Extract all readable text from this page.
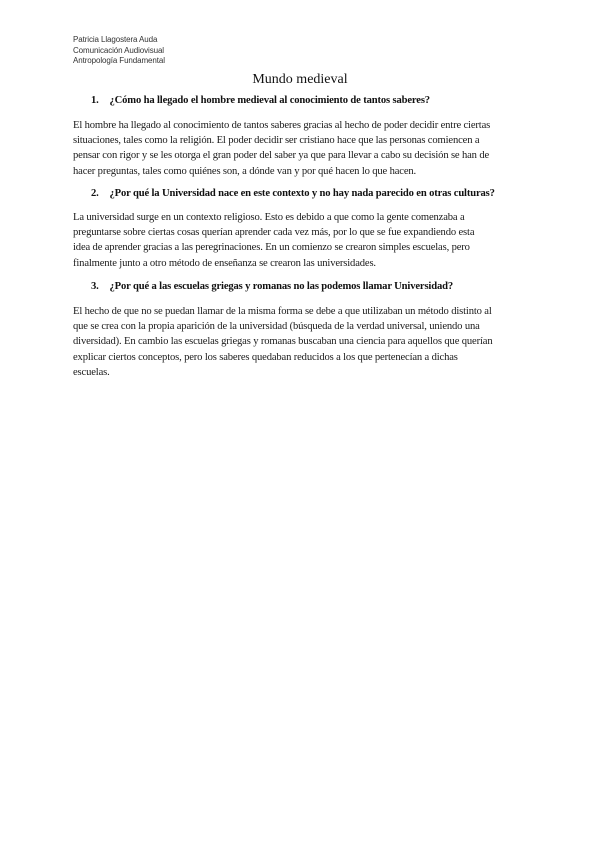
Patricia Llagostera Auda
Comunicación Audiovisual
Antropología Fundamental
Mundo medieval
1. ¿Cómo ha llegado el hombre medieval al conocimiento de tantos saberes?
El hombre ha llegado al conocimiento de tantos saberes gracias al hecho de poder decidir entre ciertas
situaciones, tales como la religión. El poder decidir ser cristiano hace que las personas comiencen a
pensar con rigor y se les otorga el gran poder del saber ya que para llevar a cabo su decisión se han de
hacer preguntas, tales como quiénes son, a dónde van y por qué hacen lo que hacen.
2. ¿Por qué la Universidad nace en este contexto y no hay nada parecido en otras culturas?
La universidad surge en un contexto religioso. Esto es debido a que como la gente comenzaba a
preguntarse sobre ciertas cosas querían aprender cada vez más, por lo que se fue expandiendo esta
idea de aprender gracias a las peregrinaciones. En un comienzo se crearon simples escuelas, pero
finalmente junto a otro método de enseñanza se crearon las universidades.
3. ¿Por qué a las escuelas griegas y romanas no las podemos llamar Universidad?
El hecho de que no se puedan llamar de la misma forma se debe a que utilizaban un método distinto al
que se crea con la propia aparición de la universidad (búsqueda de la verdad universal, uniendo una
diversidad). En cambio las escuelas griegas y romanas buscaban una ciencia para aquellos que querían
explicar ciertos conceptos, pero los saberes quedaban reducidos a los que pertenecían a dichas
escuelas.
